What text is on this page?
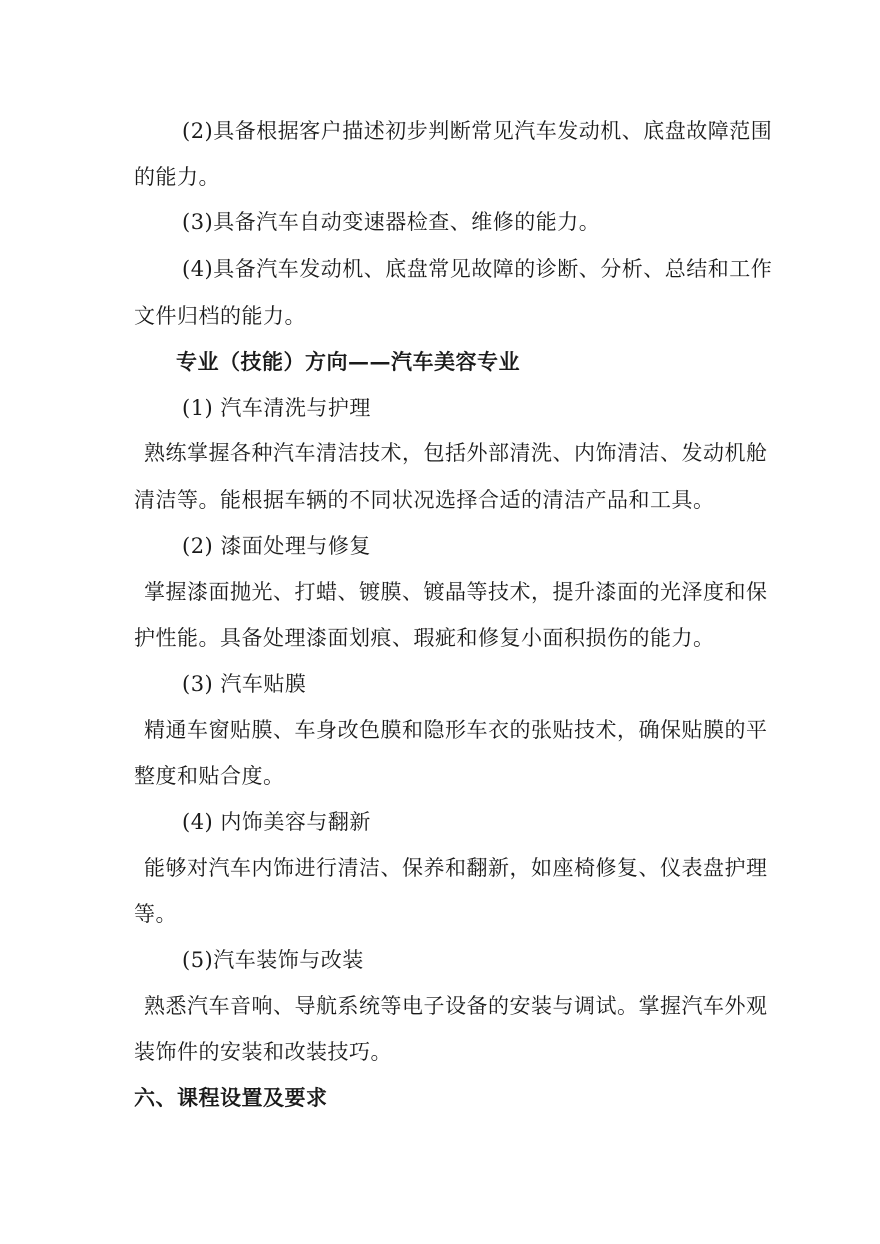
(2)具备根据客户描述初步判断常见汽车发动机、底盘故障范围
的能力。
(3)具备汽车自动变速器检查、维修的能力。
(4)具备汽车发动机、底盘常见故障的诊断、分析、总结和工作
文件归档的能力。
专业（技能）方向——汽车美容专业
(1) 汽车清洗与护理
熟练掌握各种汽车清洁技术，包括外部清洗、内饰清洁、发动机舱
清洁等。能根据车辆的不同状况选择合适的清洁产品和工具。
(2) 漆面处理与修复
掌握漆面抛光、打蜡、镀膜、镀晶等技术，提升漆面的光泽度和保
护性能。具备处理漆面划痕、瑕疵和修复小面积损伤的能力。
(3) 汽车贴膜
精通车窗贴膜、车身改色膜和隐形车衣的张贴技术，确保贴膜的平
整度和贴合度。
(4) 内饰美容与翻新
能够对汽车内饰进行清洁、保养和翻新，如座椅修复、仪表盘护理
等。
(5)汽车装饰与改装
熟悉汽车音响、导航系统等电子设备的安装与调试。掌握汽车外观
装饰件的安装和改装技巧。
六、课程设置及要求
